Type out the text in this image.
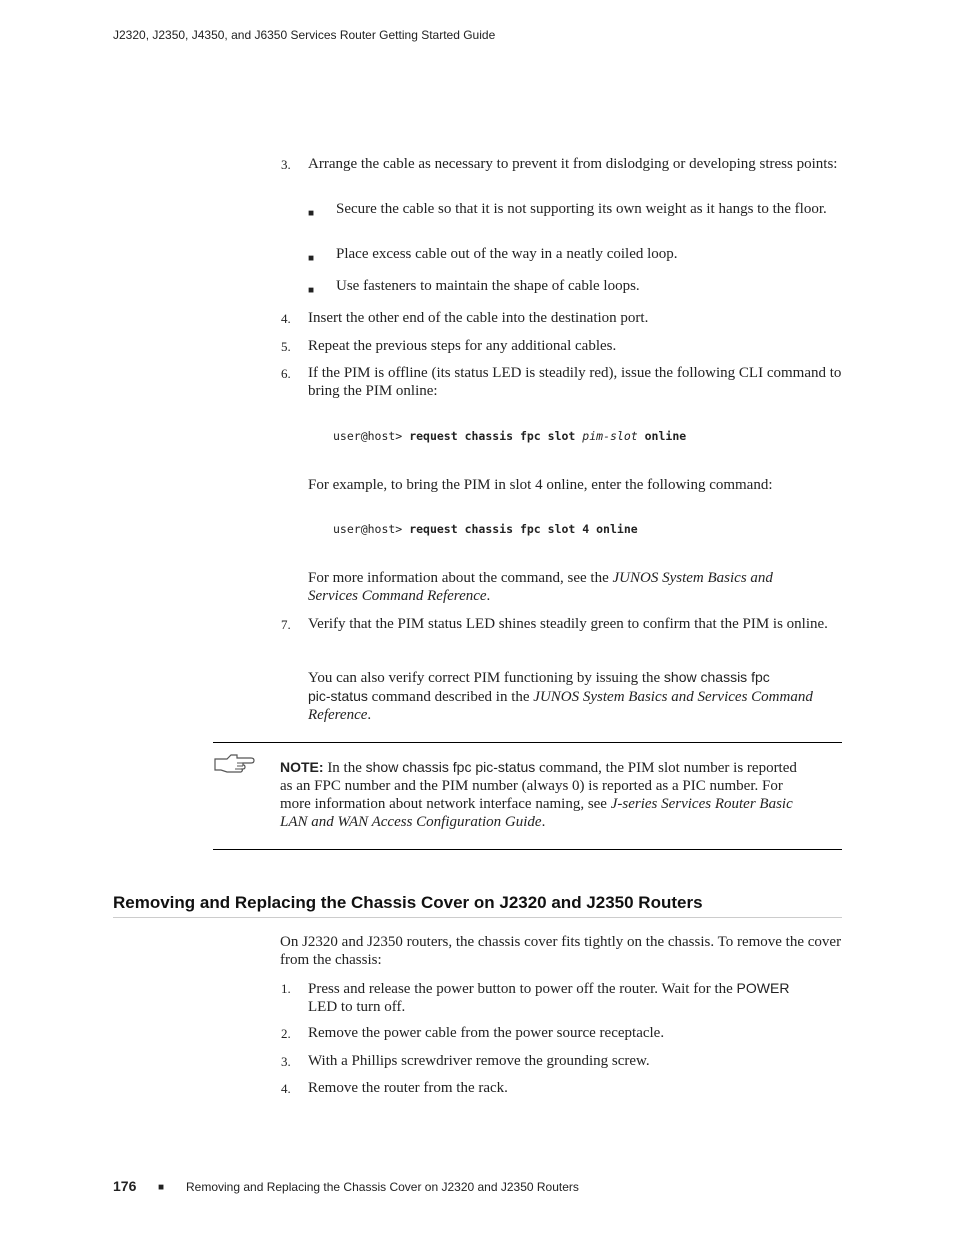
J2320, J2350, J4350, and J6350 Services Router Getting Started Guide
3.	Arrange the cable as necessary to prevent it from dislodging or developing stress points:
■ Secure the cable so that it is not supporting its own weight as it hangs to the floor.
■ Place excess cable out of the way in a neatly coiled loop.
■ Use fasteners to maintain the shape of cable loops.
4.	Insert the other end of the cable into the destination port.
5.	Repeat the previous steps for any additional cables.
6.	If the PIM is offline (its status LED is steadily red), issue the following CLI command to bring the PIM online:
user@host> request chassis fpc slot pim-slot online
For example, to bring the PIM in slot 4 online, enter the following command:
user@host> request chassis fpc slot 4 online
For more information about the command, see the JUNOS System Basics and
Services Command Reference.
7.	Verify that the PIM status LED shines steadily green to confirm that the PIM is online.
You can also verify correct PIM functioning by issuing the show chassis fpc
pic-status command described in the JUNOS System Basics and Services Command
Reference.
NOTE: In the show chassis fpc pic-status command, the PIM slot number is reported
as an FPC number and the PIM number (always 0) is reported as a PIC number. For
more information about network interface naming, see J-series Services Router Basic
LAN and WAN Access Configuration Guide.
Removing and Replacing the Chassis Cover on J2320 and J2350 Routers
On J2320 and J2350 routers, the chassis cover fits tightly on the chassis. To remove the cover from the chassis:
1.	Press and release the power button to power off the router. Wait for the POWER
LED to turn off.
2.	Remove the power cable from the power source receptacle.
3.	With a Phillips screwdriver remove the grounding screw.
4.	Remove the router from the rack.
176 ■ Removing and Replacing the Chassis Cover on J2320 and J2350 Routers
